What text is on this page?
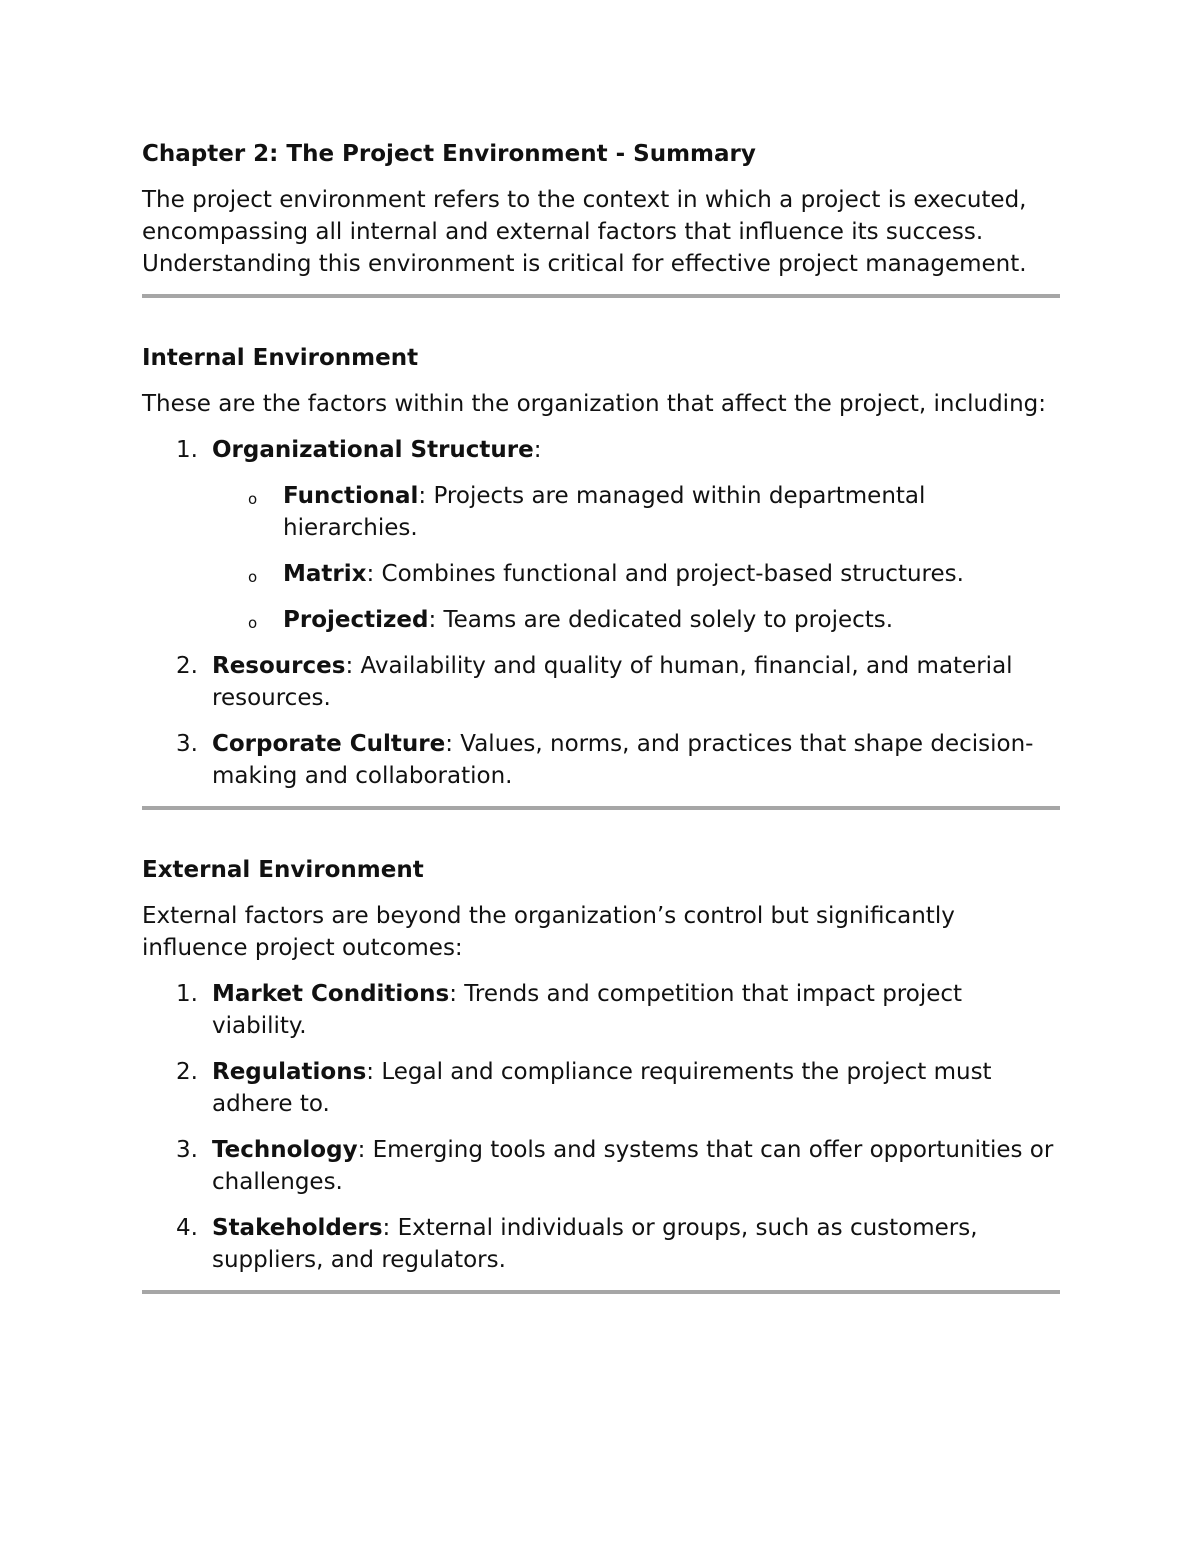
Chapter 2: The Project Environment - Summary

The project environment refers to the context in which a project is executed, encompassing all internal and external factors that influence its success. Understanding this environment is critical for effective project management.

Internal Environment

These are the factors within the organization that affect the project, including:

1. Organizational Structure:
o Functional: Projects are managed within departmental hierarchies.
o Matrix: Combines functional and project-based structures.
o Projectized: Teams are dedicated solely to projects.
2. Resources: Availability and quality of human, financial, and material resources.
3. Corporate Culture: Values, norms, and practices that shape decision-making and collaboration.
External Environment

External factors are beyond the organization’s control but significantly influence project outcomes:

1. Market Conditions: Trends and competition that impact project viability.
2. Regulations: Legal and compliance requirements the project must adhere to.
3. Technology: Emerging tools and systems that can offer opportunities or challenges.
4. Stakeholders: External individuals or groups, such as customers, suppliers, and regulators.
